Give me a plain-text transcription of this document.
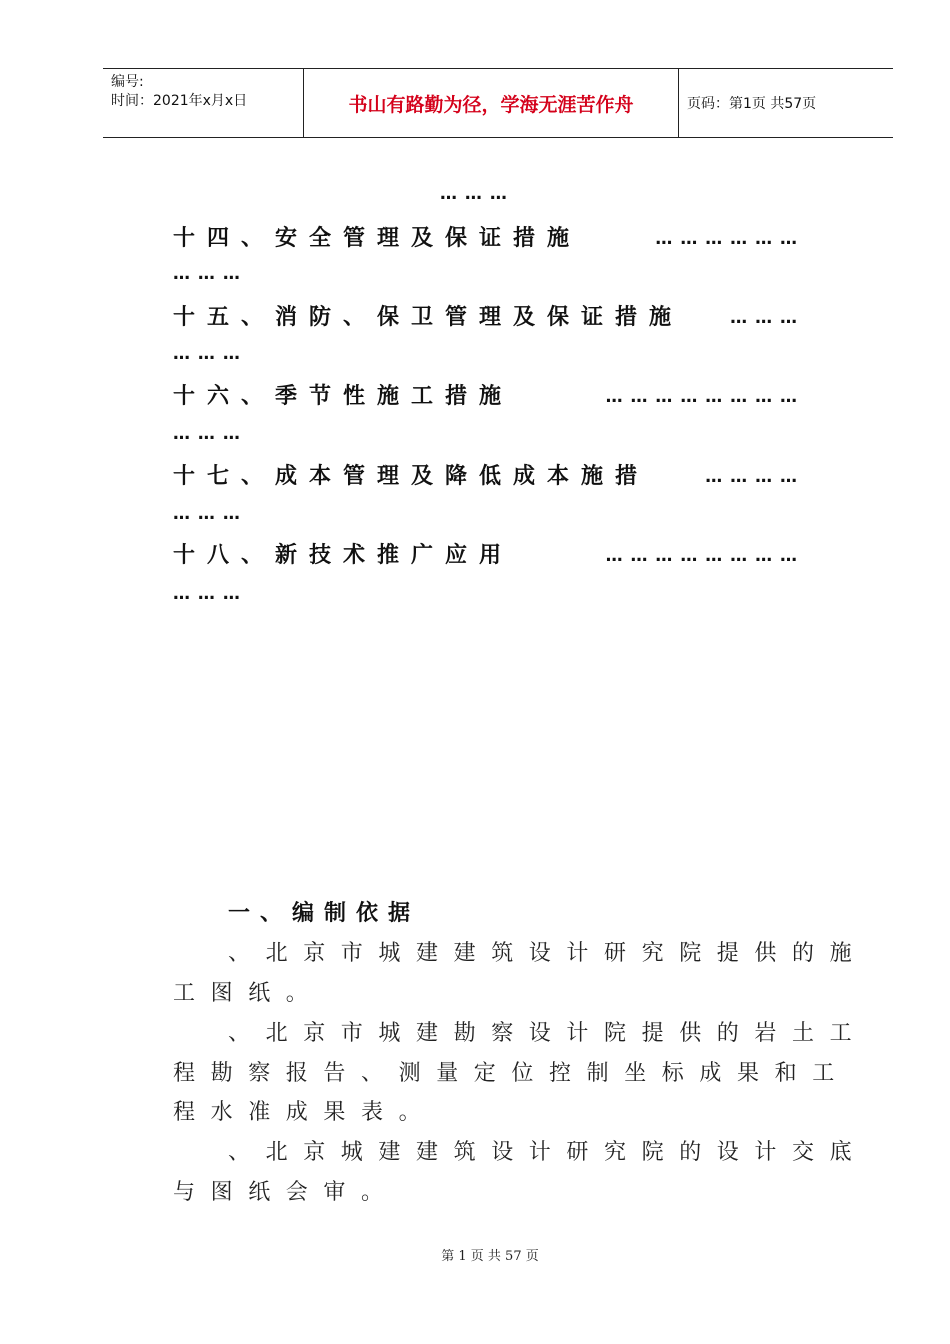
编号:
时间：2021年x月x日	书山有路勤为径，学海无涯苦作舟	页码：第1页 共57页
… … …
十四、安全管理及保证措施	… … … … … …
… … …
十五、消防、保卫管理及保证措施	… … …
… … …
十六、季节性施工措施	… … … … … … … …
… … …
十七、成本管理及降低成本施措	… … … …
… … …
十八、新技术推广应用	… … … … … … … …
… … …
一、编制依据
、北京市城建建筑设计研究院提供的施
工图纸。
、北京市城建勘察设计院提供的岩土工
程勘察报告、测量定位控制坐标成果和工
程水准成果表。
、北京城建建筑设计研究院的设计交底
与图纸会审。
第 1 页 共 57 页
